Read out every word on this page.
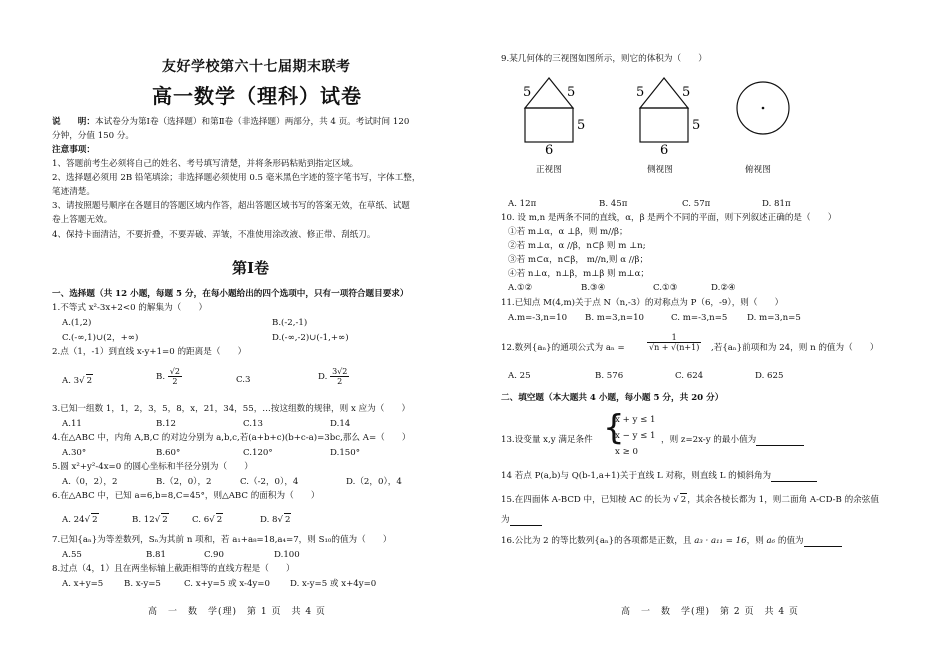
友好学校第六十七届期末联考
高一数学（理科）试卷
说　　明：本试卷分为第Ⅰ卷（选择题）和第Ⅱ卷（非选择题）两部分，共 4 页。考试时间 120
分钟，分值 150 分。
注意事项：
1、答题前考生必须将自己的姓名、考号填写清楚，并将条形码粘贴到指定区域。
2、选择题必须用 2B 铅笔填涂；非选择题必须使用 0.5 毫米黑色字迹的签字笔书写，字体工整，
笔迹清楚。
3、请按照题号顺序在各题目的答题区域内作答，超出答题区域书写的答案无效，在草纸、试题
卷上答题无效。
4、保持卡面清洁，不要折叠，不要弄破、弄皱，不准使用涂改液、修正带、刮纸刀。
第Ⅰ卷
一、选择题（共 12 小题，每题 5 分，在每小题给出的四个选项中，只有一项符合题目要求）
1.不等式 x²-3x+2<0 的解集为（　　）
A.(1,2)	B.(-2,-1)
C.(-∞,1)∪(2，+∞)	D.(-∞,-2)∪(-1,+∞)
2.点（1，-1）到直线 x-y+1=0 的距离是（　　）
A. 3√ 2	B. $\frac{√2}{2}$	C.3	D. $\frac{3√2}{2}$
3.已知一组数 1，1，2，3，5，8，x，21，34，55，…按这组数的规律，则 x 应为（　　）
A.11	B.12	C.13	D.14
4.在△ABC 中，内角 A,B,C 的对边分别为 a,b,c,若(a+b+c)(b+c-a)=3bc,那么 A=（　　）
A.30°	B.60°	C.120°	D.150°
5.圆 x²+y²-4x=0 的圆心坐标和半径分别为（　　）
A.（0，2），2	B.（2，0），2	C.（-2，0），4	D.（2，0），4
6.在△ABC 中，已知 a=6,b=8,C=45°，则△ABC 的面积为（　　）
A. 24√ 2	B. 12√ 2	C. 6√ 2	D. 8√ 2
7.已知{aₙ}为等差数列，Sₙ为其前 n 项和，若 a₁+a₈=18,a₄=7，则 S₁₀的值为（　　）
A.55	B.81	C.90	D.100
8.过点（4，1）且在两坐标轴上截距相等的直线方程是（　　）
A. x+y=5 B. x-y=5	C. x+y=5 或 x-4y=0 D. x-y=5 或 x+4y=0
高　一　数　学(理)　第 1 页　共 4 页
9.某几何体的三视图如图所示，则它的体积为（　　）
5	5
5
6
5	5
5
6
正视图	侧视图	俯视图
A. 12π	B. 45π	C. 57π	D. 81π
10. 设 m,n 是两条不同的直线，α，β 是两个不同的平面，则下列叙述正确的是（　　）
①若 m⊥α，α ⊥β，则 m//β；
②若 m⊥α，α //β，n⊂β 则 m ⊥n;
③若 m⊂α，n⊂β， m//n,则 α //β；
④若 n⊥α，n⊥β，m⊥β 则 m⊥α；
A.①②	B.③④	C.①③	D.②④
11.已知点 M(4,m)关于点 N（n,-3）的对称点为 P（6，-9），则（　　）
A.m=-3,n=10 B. m=3,n=10	C. m=-3,n=5 D. m=3,n=5
12.数列{aₙ}的通项公式为 aₙ =	$\frac{1}{√n + √(n+1)}$ ,若{aₙ}前项和为 24，则 n 的值为（　　）
A. 25	B. 576	C. 624	D. 625
二、填空题（本大题共 4 小题，每小题 5 分，共 20 分）
13.设变量 x,y 满足条件 {
x + y ≤ 1
x − y ≤ 1
x ≥ 0
，则 z=2x-y 的最小值为
14 若点 P(a,b)与 Q(b-1,a+1)关于直线 L 对称，则直线 L 的倾斜角为
15.在四面体 A-BCD 中，已知棱 AC 的长为 √ 2，其余各棱长都为 1，则二面角 A-CD-B 的余弦值
为
16.公比为 2 的等比数列{aₙ}的各项都是正数，且 a₃ · a₁₁ = 16，则 a₆ 的值为
高　一　数　学(理)　第 2 页　共 4 页
